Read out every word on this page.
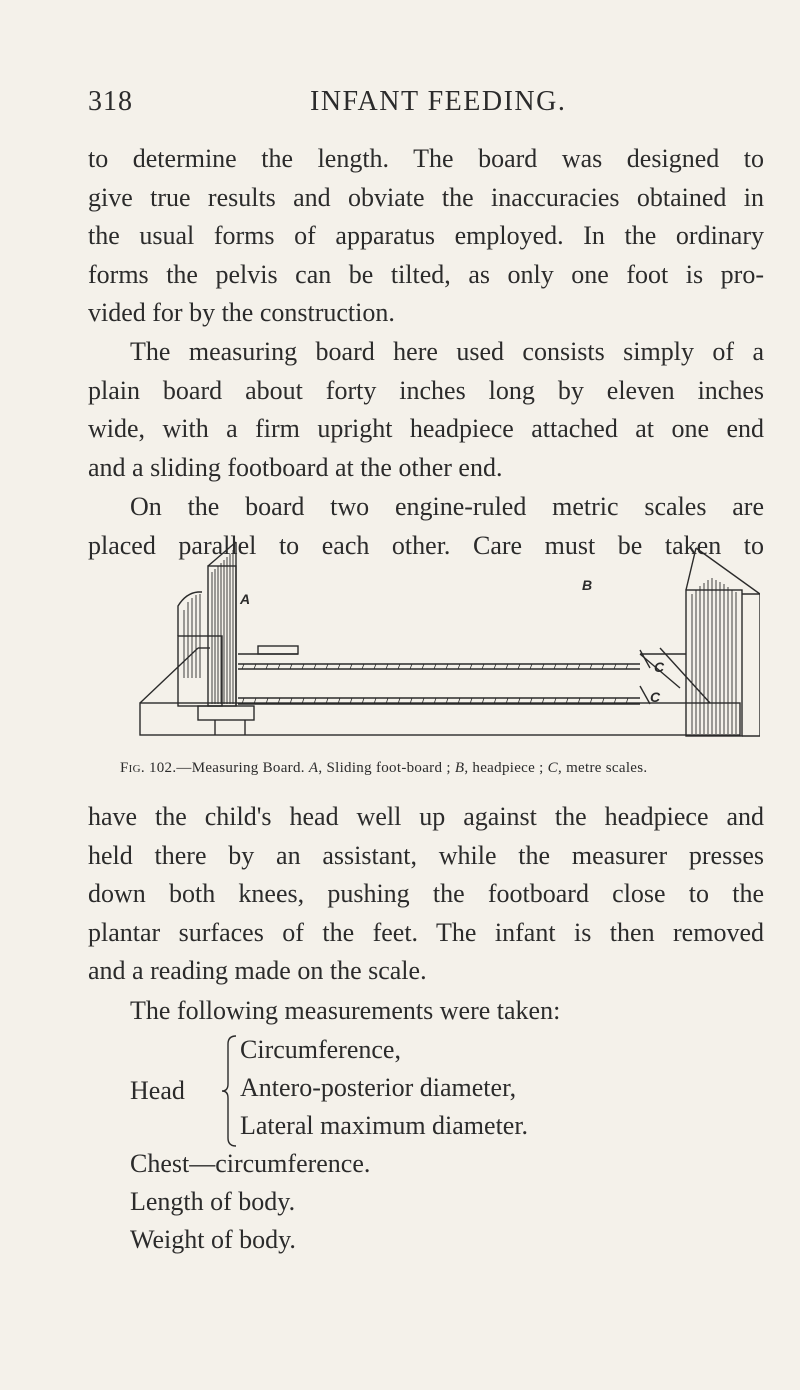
318	INFANT FEEDING.
to determine the length. The board was designed to
give true results and obviate the inaccuracies obtained in
the usual forms of apparatus employed. In the ordinary
forms the pelvis can be tilted, as only one foot is pro-
vided for by the construction.
The measuring board here used consists simply of a
plain board about forty inches long by eleven inches
wide, with a firm upright headpiece attached at one end
and a sliding footboard at the other end.
On the board two engine-ruled metric scales are
placed parallel to each other. Care must be taken to
A
B
C
C
Fig. 102.—Measuring Board. A, Sliding foot-board ; B, headpiece ; C, metre scales.
have the child's head well up against the headpiece and
held there by an assistant, while the measurer presses
down both knees, pushing the footboard close to the
plantar surfaces of the feet. The infant is then removed
and a reading made on the scale.
The following measurements were taken:
Head
Circumference,
Antero-posterior diameter,
Lateral maximum diameter.
Chest—circumference.
Length of body.
Weight of body.
